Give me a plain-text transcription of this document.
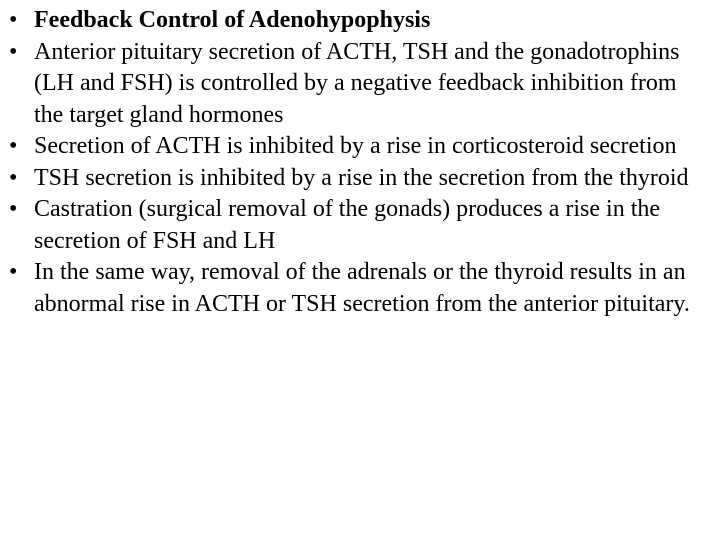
• Feedback Control of Adenohypophysis
• Anterior pituitary secretion of ACTH, TSH and the gonadotrophins (LH and FSH) is controlled by a negative feedback inhibition from the target gland hormones
• Secretion of ACTH is inhibited by a rise in corticosteroid secretion
• TSH secretion is inhibited by a rise in the secretion from the thyroid
• Castration (surgical removal of the gonads) produces a rise in the secretion of FSH and LH
• In the same way, removal of the adrenals or the thyroid results in an abnormal rise in ACTH or TSH secretion from the anterior pituitary.
